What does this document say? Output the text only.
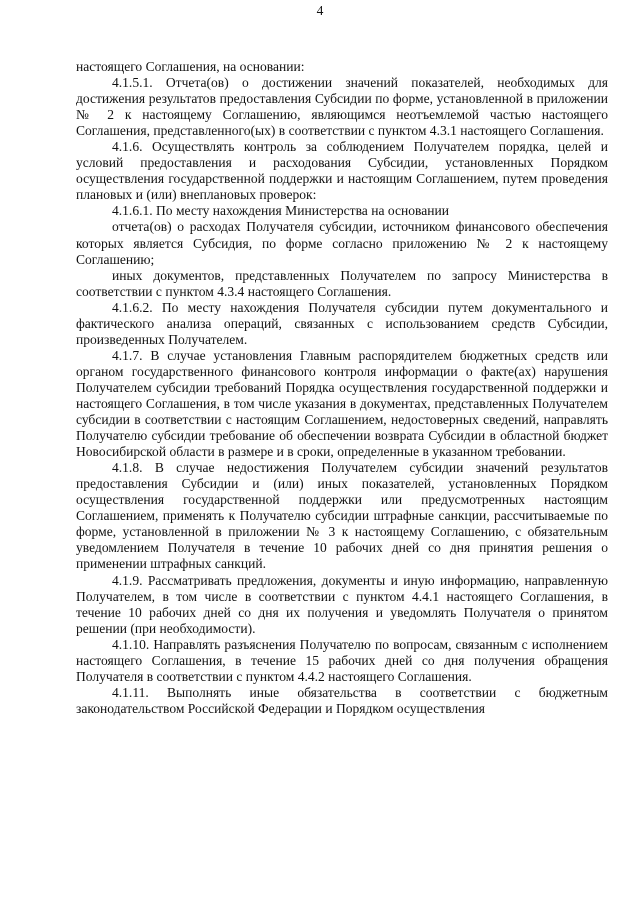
4

настоящего Соглашения, на основании:

4.1.5.1. Отчета(ов) о достижении значений показателей, необходимых для достижения результатов предоставления Субсидии по форме, установленной в приложении № 2 к настоящему Соглашению, являющимся неотъемлемой частью настоящего Соглашения, представленного(ых) в соответствии с пунктом 4.3.1 настоящего Соглашения.

4.1.6. Осуществлять контроль за соблюдением Получателем порядка, целей и условий предоставления и расходования Субсидии, установленных Порядком осуществления государственной поддержки и настоящим Соглашением, путем проведения плановых и (или) внеплановых проверок:

4.1.6.1. По месту нахождения Министерства на основании

отчета(ов) о расходах Получателя субсидии, источником финансового обеспечения которых является Субсидия, по форме согласно приложению № 2 к настоящему Соглашению;

иных документов, представленных Получателем по запросу Министерства в соответствии с пунктом 4.3.4 настоящего Соглашения.

4.1.6.2. По месту нахождения Получателя субсидии путем документального и фактического анализа операций, связанных с использованием средств Субсидии, произведенных Получателем.

4.1.7. В случае установления Главным распорядителем бюджетных средств или органом государственного финансового контроля информации о факте(ах) нарушения Получателем субсидии требований Порядка осуществления государственной поддержки и настоящего Соглашения, в том числе указания в документах, представленных Получателем субсидии в соответствии с настоящим Соглашением, недостоверных сведений, направлять Получателю субсидии требование об обеспечении возврата Субсидии в областной бюджет Новосибирской области в размере и в сроки, определенные в указанном требовании.

4.1.8. В случае недостижения Получателем субсидии значений результатов предоставления Субсидии и (или) иных показателей, установленных Порядком осуществления государственной поддержки или предусмотренных настоящим Соглашением, применять к Получателю субсидии штрафные санкции, рассчитываемые по форме, установленной в приложении № 3 к настоящему Соглашению, с обязательным уведомлением Получателя в течение 10 рабочих дней со дня принятия решения о применении штрафных санкций.

4.1.9. Рассматривать предложения, документы и иную информацию, направленную Получателем, в том числе в соответствии с пунктом 4.4.1 настоящего Соглашения, в течение 10 рабочих дней со дня их получения и уведомлять Получателя о принятом решении (при необходимости).

4.1.10. Направлять разъяснения Получателю по вопросам, связанным с исполнением настоящего Соглашения, в течение 15 рабочих дней со дня получения обращения Получателя в соответствии с пунктом 4.4.2 настоящего Соглашения.

4.1.11. Выполнять иные обязательства в соответствии с бюджетным законодательством Российской Федерации и Порядком осуществления
